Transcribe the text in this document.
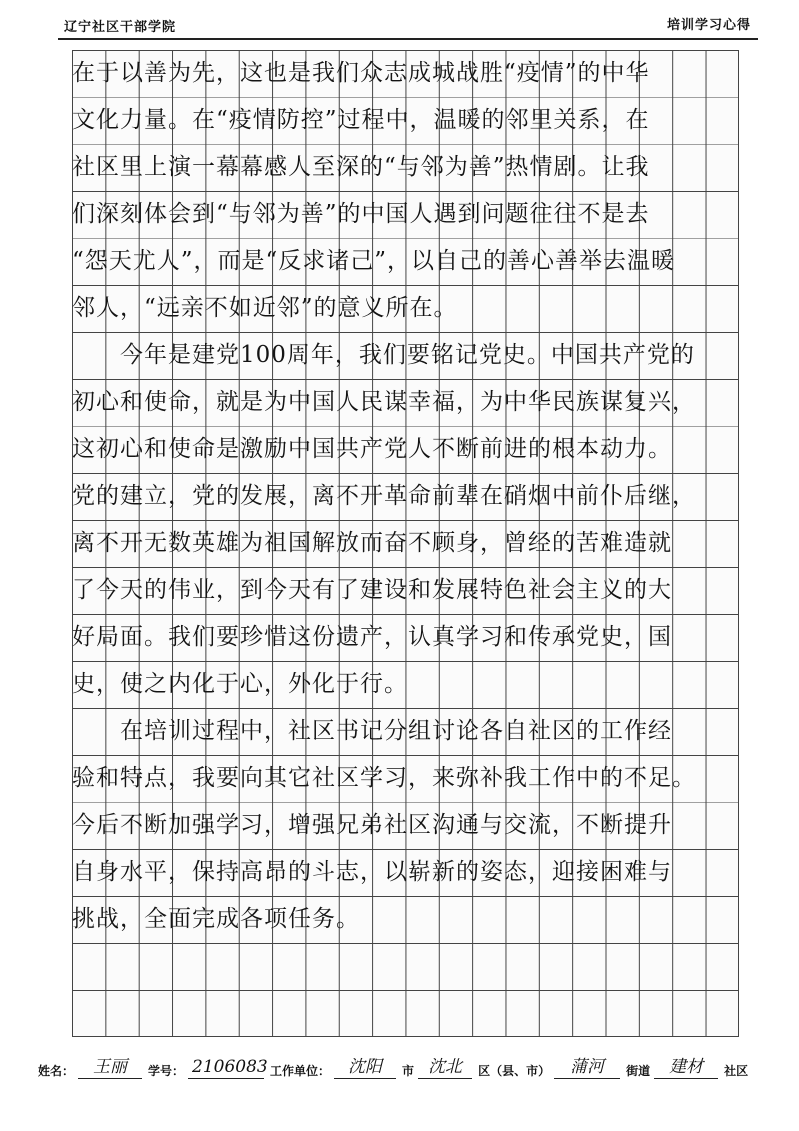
辽宁社区干部学院	培训学习心得
在于以善为先，这也是我们众志成城战胜“疫情”的中华
文化力量。在“疫情防控”过程中，温暖的邻里关系，在
社区里上演一幕幕感人至深的“与邻为善”热情剧。让我
们深刻体会到“与邻为善”的中国人遇到问题往往不是去
“怨天尤人”，而是“反求诸己”，以自己的善心善举去温暖
邻人，“远亲不如近邻”的意义所在。
　　今年是建党100周年，我们要铭记党史。中国共产党的
初心和使命，就是为中国人民谋幸福，为中华民族谋复兴，
这初心和使命是激励中国共产党人不断前进的根本动力。
党的建立，党的发展，离不开革命前辈在硝烟中前仆后继，
离不开无数英雄为祖国解放而奋不顾身，曾经的苦难造就
了今天的伟业，到今天有了建设和发展特色社会主义的大
好局面。我们要珍惜这份遗产，认真学习和传承党史，国
史，使之内化于心，外化于行。
　　在培训过程中，社区书记分组讨论各自社区的工作经
验和特点，我要向其它社区学习，来弥补我工作中的不足。
今后不断加强学习，增强兄弟社区沟通与交流，不断提升
自身水平，保持高昂的斗志，以崭新的姿态，迎接困难与
挑战，全面完成各项任务。
姓名：	王丽	学号： 2106083 工作单位：	沈阳	市 沈北	区（县、市）	蒲河	街道	建材	社区
